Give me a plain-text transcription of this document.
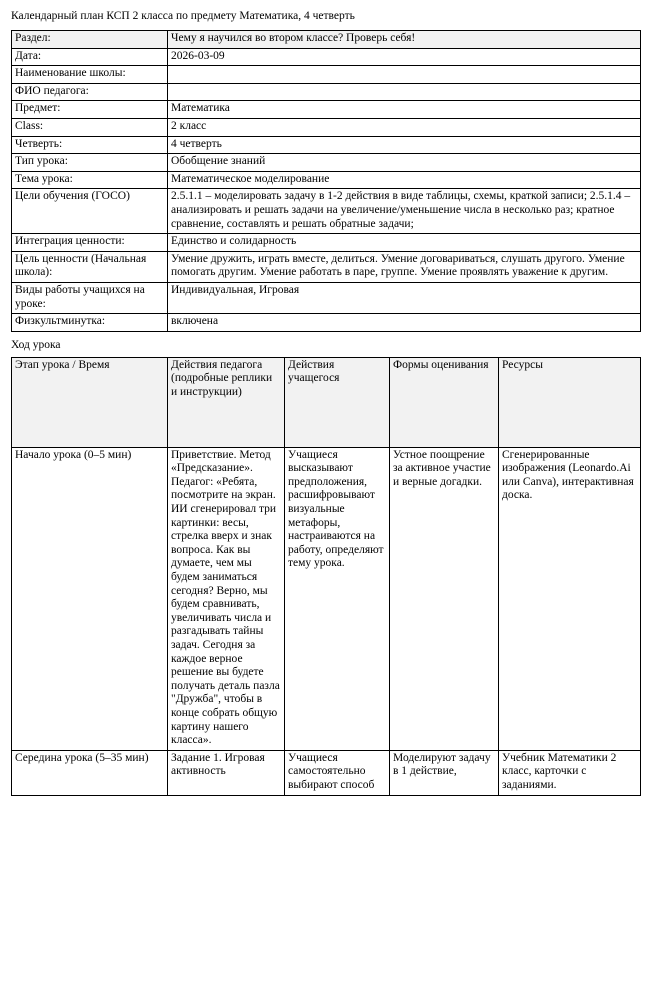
Календарный план КСП 2 класса по предмету Математика, 4 четверть
Раздел:	Чему я научился во втором классе? Проверь себя!
Дата:	2026-03-09
Наименование школы:	
ФИО педагога:	
Предмет:	Математика
Class:	2 класс
Четверть:	4 четверть
Тип урока:	Обобщение знаний
Тема урока:	Математическое моделирование
Цели обучения (ГОСО)	2.5.1.1 – моделировать задачу в 1-2 действия в виде таблицы, схемы, краткой записи; 2.5.1.4 – анализировать и решать задачи на увеличение/уменьшение числа в несколько раз; кратное сравнение, составлять и решать обратные задачи;
Интеграция ценности:	Единство и солидарность
Цель ценности (Начальная школа):	Умение дружить, играть вместе, делиться. Умение договариваться, слушать другого. Умение помогать другим. Умение работать в паре, группе. Умение проявлять уважение к другим.
Виды работы учащихся на уроке:	Индивидуальная, Игровая
Физкультминутка:	включена
Ход урока
Этап урока / Время	Действия педагога (подробные реплики и инструкции)	Действия учащегося	Формы оценивания	Ресурсы
Начало урока (0–5 мин)	Приветствие. Метод «Предсказание». Педагог: «Ребята, посмотрите на экран. ИИ сгенерировал три картинки: весы, стрелка вверх и знак вопроса. Как вы думаете, чем мы будем заниматься сегодня? Верно, мы будем сравнивать, увеличивать числа и разгадывать тайны задач. Сегодня за каждое верное решение вы будете получать деталь пазла "Дружба", чтобы в конце собрать общую картину нашего класса».	Учащиеся высказывают предположения, расшифровывают визуальные метафоры, настраиваются на работу, определяют тему урока.	Устное поощрение за активное участие и верные догадки.	Сгенерированные изображения (Leonardo.Ai или Canva), интерактивная доска.
Середина урока (5–35 мин)	Задание 1. Игровая активность	Учащиеся самостоятельно выбирают способ	Моделируют задачу в 1 действие,	Учебник Математики 2 класс, карточки с заданиями.
